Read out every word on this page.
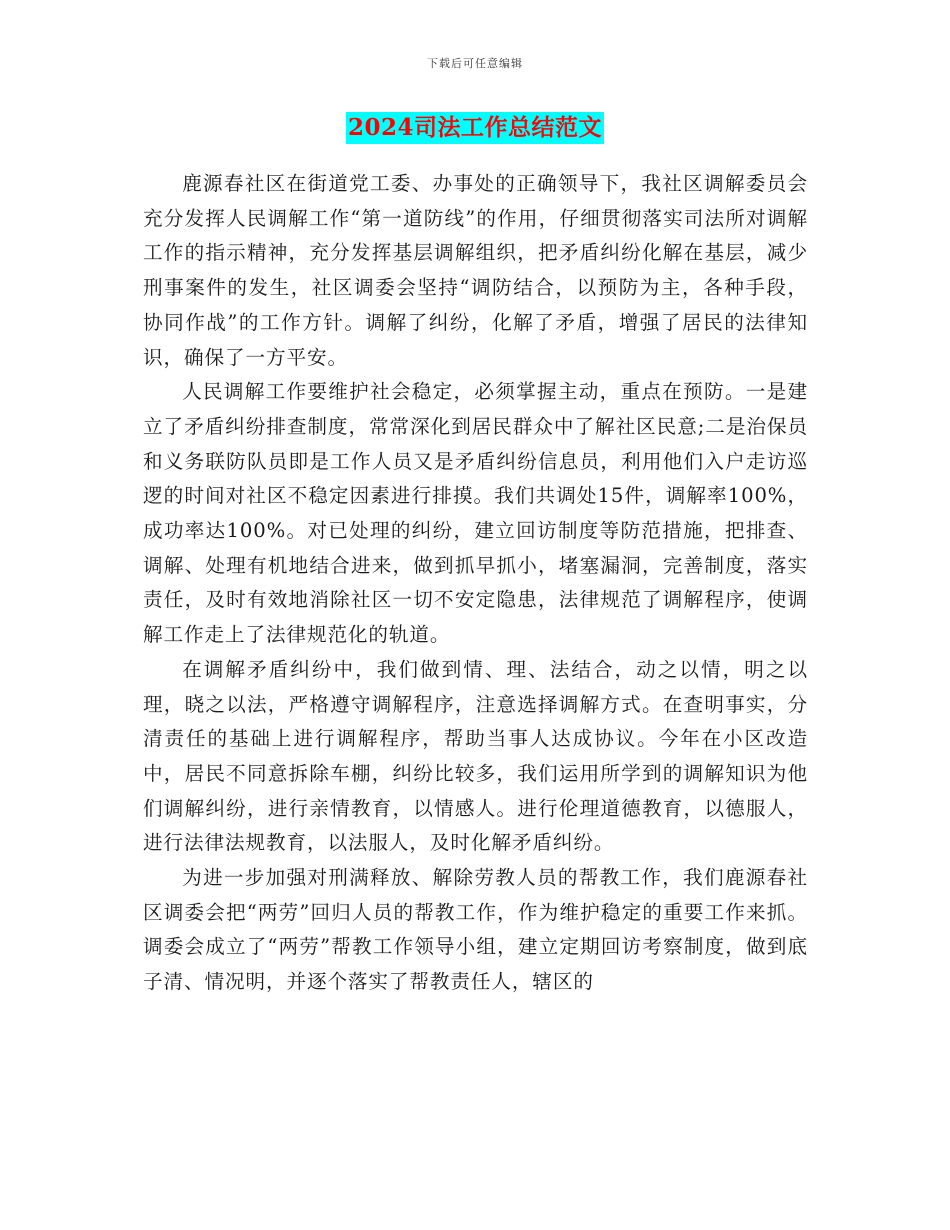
下载后可任意编辑
2024司法工作总结范文

鹿源春社区在街道党工委、办事处的正确领导下，我社区调解委员会充分发挥人民调解工作“第一道防线”的作用，仔细贯彻落实司法所对调解工作的指示精神，充分发挥基层调解组织，把矛盾纠纷化解在基层，减少刑事案件的发生，社区调委会坚持“调防结合，以预防为主，各种手段，协同作战”的工作方针。调解了纠纷，化解了矛盾，增强了居民的法律知识，确保了一方平安。

人民调解工作要维护社会稳定，必须掌握主动，重点在预防。一是建立了矛盾纠纷排查制度，常常深化到居民群众中了解社区民意;二是治保员和义务联防队员即是工作人员又是矛盾纠纷信息员，利用他们入户走访巡逻的时间对社区不稳定因素进行排摸。我们共调处15件，调解率100%，成功率达100%。对已处理的纠纷，建立回访制度等防范措施，把排查、调解、处理有机地结合进来，做到抓早抓小，堵塞漏洞，完善制度，落实责任，及时有效地消除社区一切不安定隐患，法律规范了调解程序，使调解工作走上了法律规范化的轨道。

在调解矛盾纠纷中，我们做到情、理、法结合，动之以情，明之以理，晓之以法，严格遵守调解程序，注意选择调解方式。在查明事实，分清责任的基础上进行调解程序，帮助当事人达成协议。今年在小区改造中，居民不同意拆除车棚，纠纷比较多，我们运用所学到的调解知识为他们调解纠纷，进行亲情教育，以情感人。进行伦理道德教育，以德服人，进行法律法规教育，以法服人，及时化解矛盾纠纷。

为进一步加强对刑满释放、解除劳教人员的帮教工作，我们鹿源春社区调委会把“两劳”回归人员的帮教工作，作为维护稳定的重要工作来抓。调委会成立了“两劳”帮教工作领导小组，建立定期回访考察制度，做到底子清、情况明，并逐个落实了帮教责任人，辖区的
